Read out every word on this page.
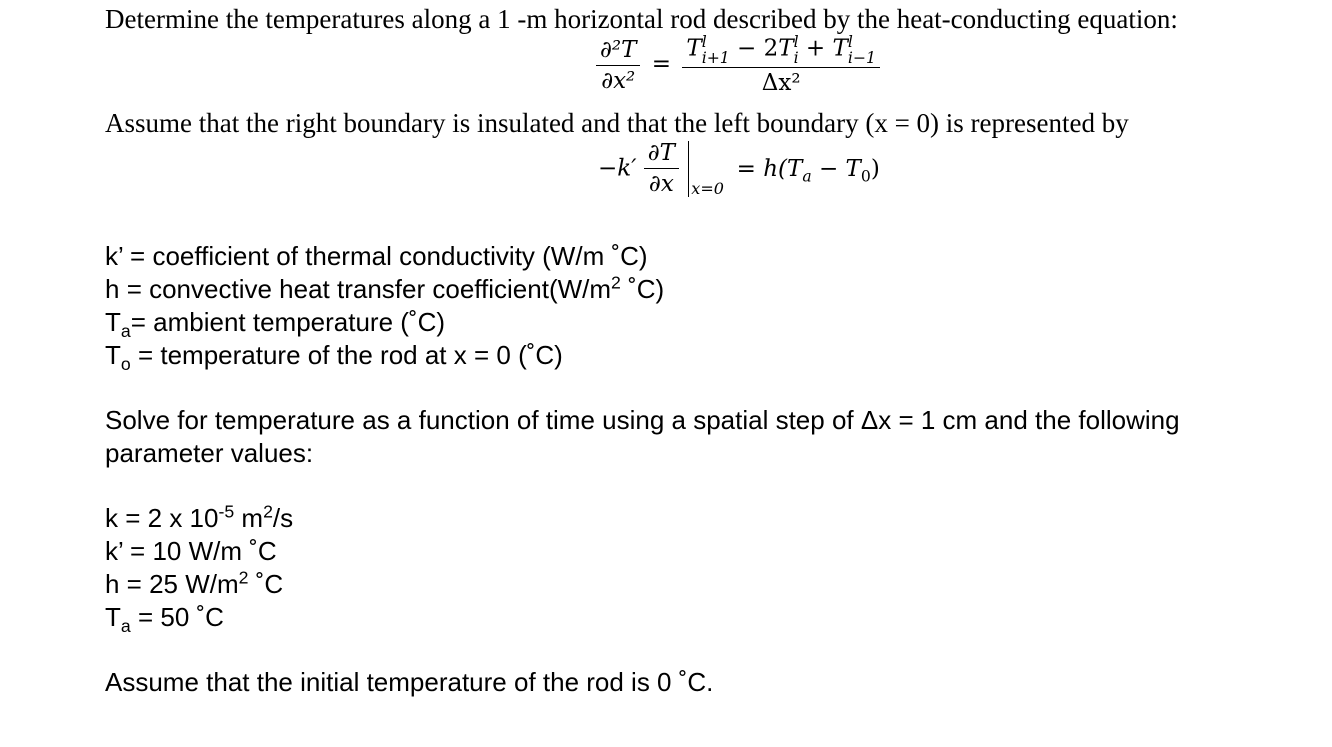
Determine the temperatures along a 1 -m horizontal rod described by the heat-conducting equation:
$\frac{\text{∂²T}}{\text{∂x²}} = T$ l
i+1 − 2T l
i + T l
i−1
Δx²
Assume that the right boundary is insulated and that the left boundary (x = 0) is represented by
$-k' \frac{\partial T}{\partial x}$
x=0
= $h(T_a - T_0)$
k’ = coefficient of thermal conductivity (W/m ˚C)
h = convective heat transfer $coefficient(W/m^2$ ˚C)
$T_a=$ ambient temperature (˚C)
$T_o$ = temperature of the rod at x = 0 (˚C)
Solve for temperature as a function of time using a spatial step of Δx = 1 cm and the following
parameter values:
k = 2 x $10^{-5}$ $m^2/s$
k’ = 10 W/m ˚C
h = 25 $W/m^2$ ˚C
$T_a = 50$ ˚C
Assume that the initial temperature of the rod is 0 ˚C.
